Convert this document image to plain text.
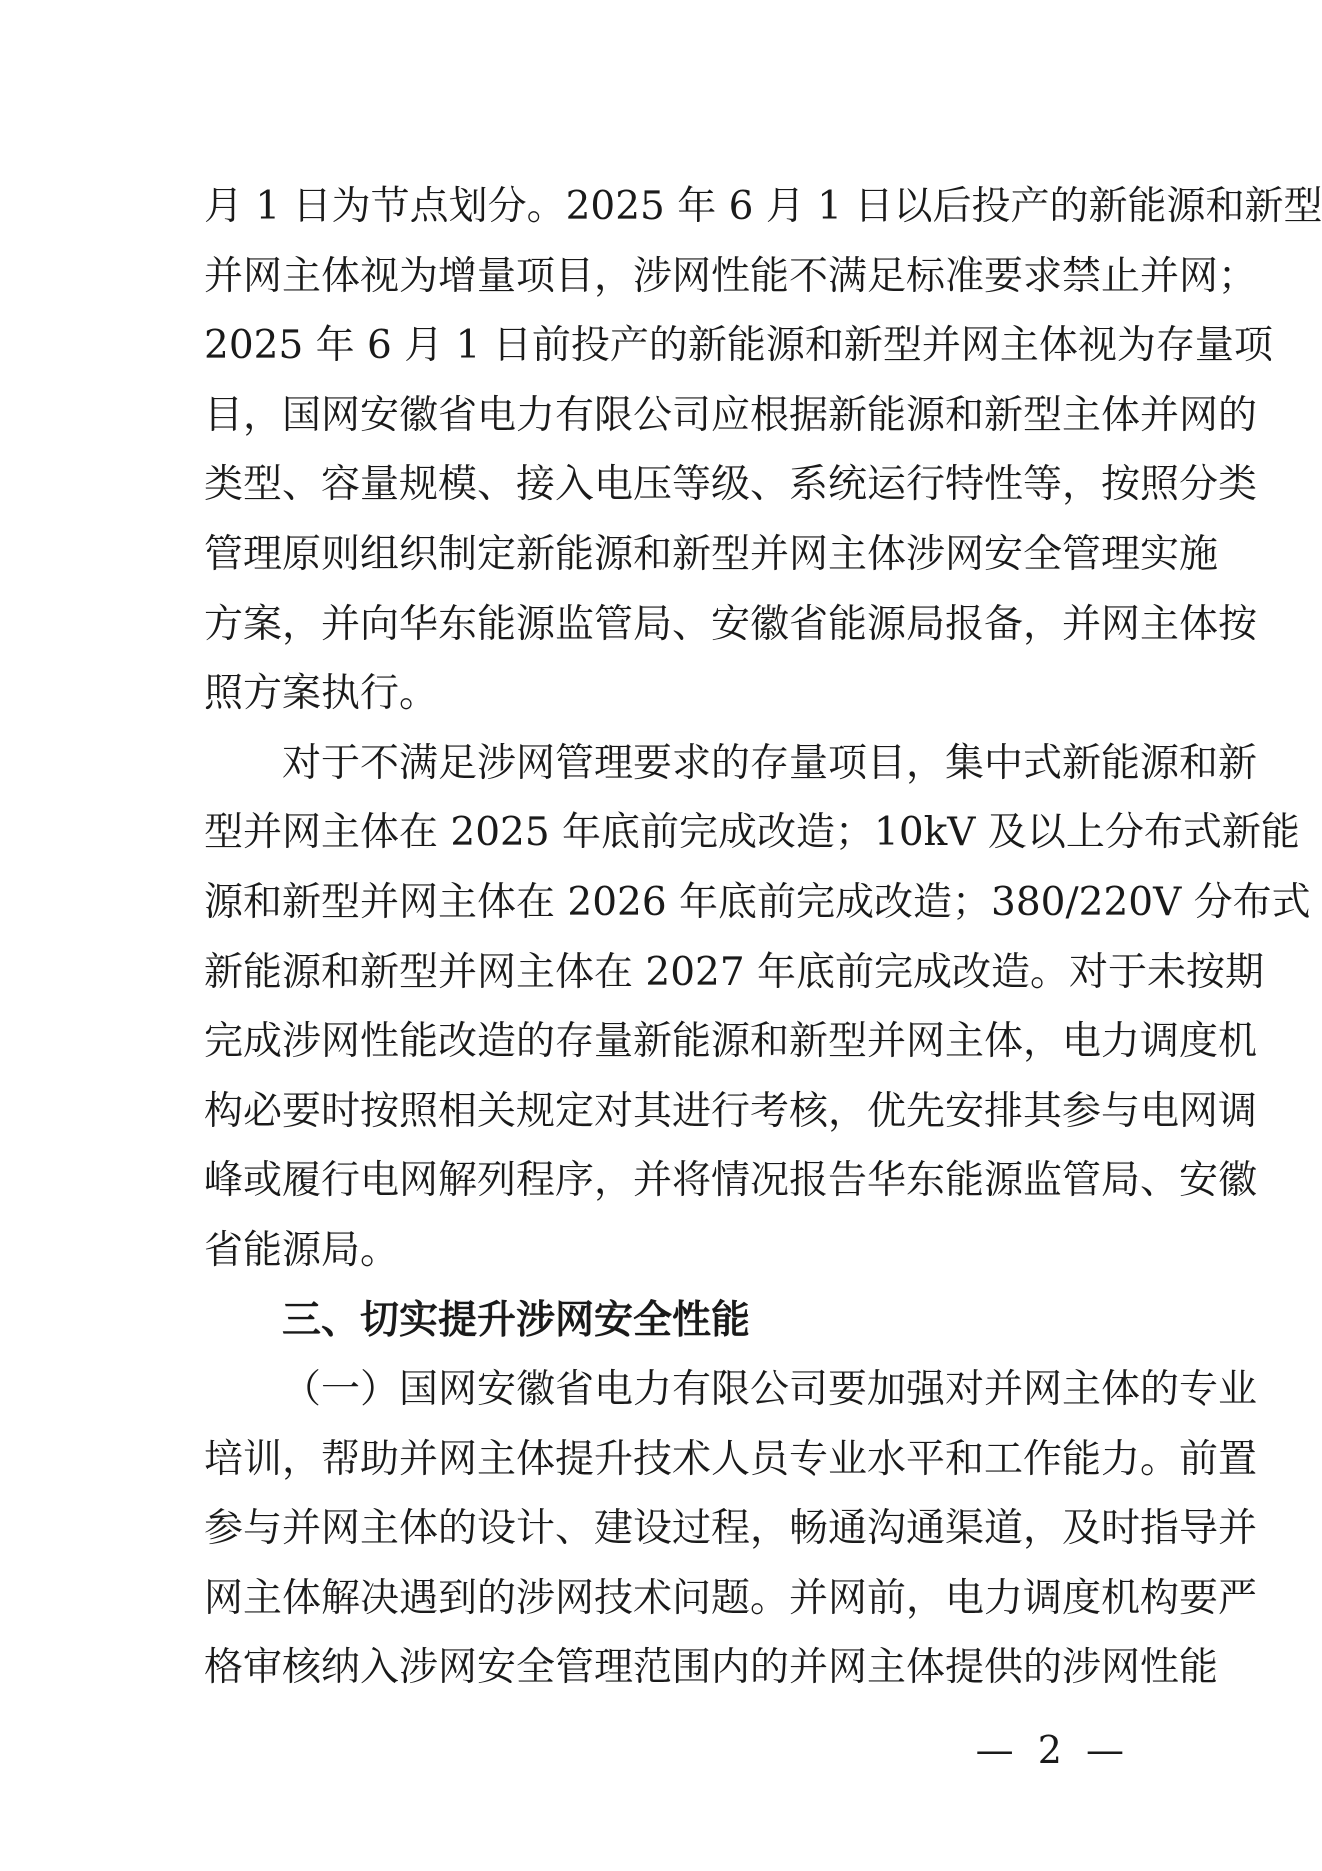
月 1 日为节点划分。2025 年 6 月 1 日以后投产的新能源和新型
并网主体视为增量项目，涉网性能不满足标准要求禁止并网；
2025 年 6 月 1 日前投产的新能源和新型并网主体视为存量项
目，国网安徽省电力有限公司应根据新能源和新型主体并网的
类型、容量规模、接入电压等级、系统运行特性等，按照分类
管理原则组织制定新能源和新型并网主体涉网安全管理实施
方案，并向华东能源监管局、安徽省能源局报备，并网主体按
照方案执行。
对于不满足涉网管理要求的存量项目，集中式新能源和新
型并网主体在 2025 年底前完成改造；10kV 及以上分布式新能
源和新型并网主体在 2026 年底前完成改造；380/220V 分布式
新能源和新型并网主体在 2027 年底前完成改造。对于未按期
完成涉网性能改造的存量新能源和新型并网主体，电力调度机
构必要时按照相关规定对其进行考核，优先安排其参与电网调
峰或履行电网解列程序，并将情况报告华东能源监管局、安徽
省能源局。
三、切实提升涉网安全性能
（一）国网安徽省电力有限公司要加强对并网主体的专业
培训，帮助并网主体提升技术人员专业水平和工作能力。前置
参与并网主体的设计、建设过程，畅通沟通渠道，及时指导并
网主体解决遇到的涉网技术问题。并网前，电力调度机构要严
格审核纳入涉网安全管理范围内的并网主体提供的涉网性能
— 2 —
